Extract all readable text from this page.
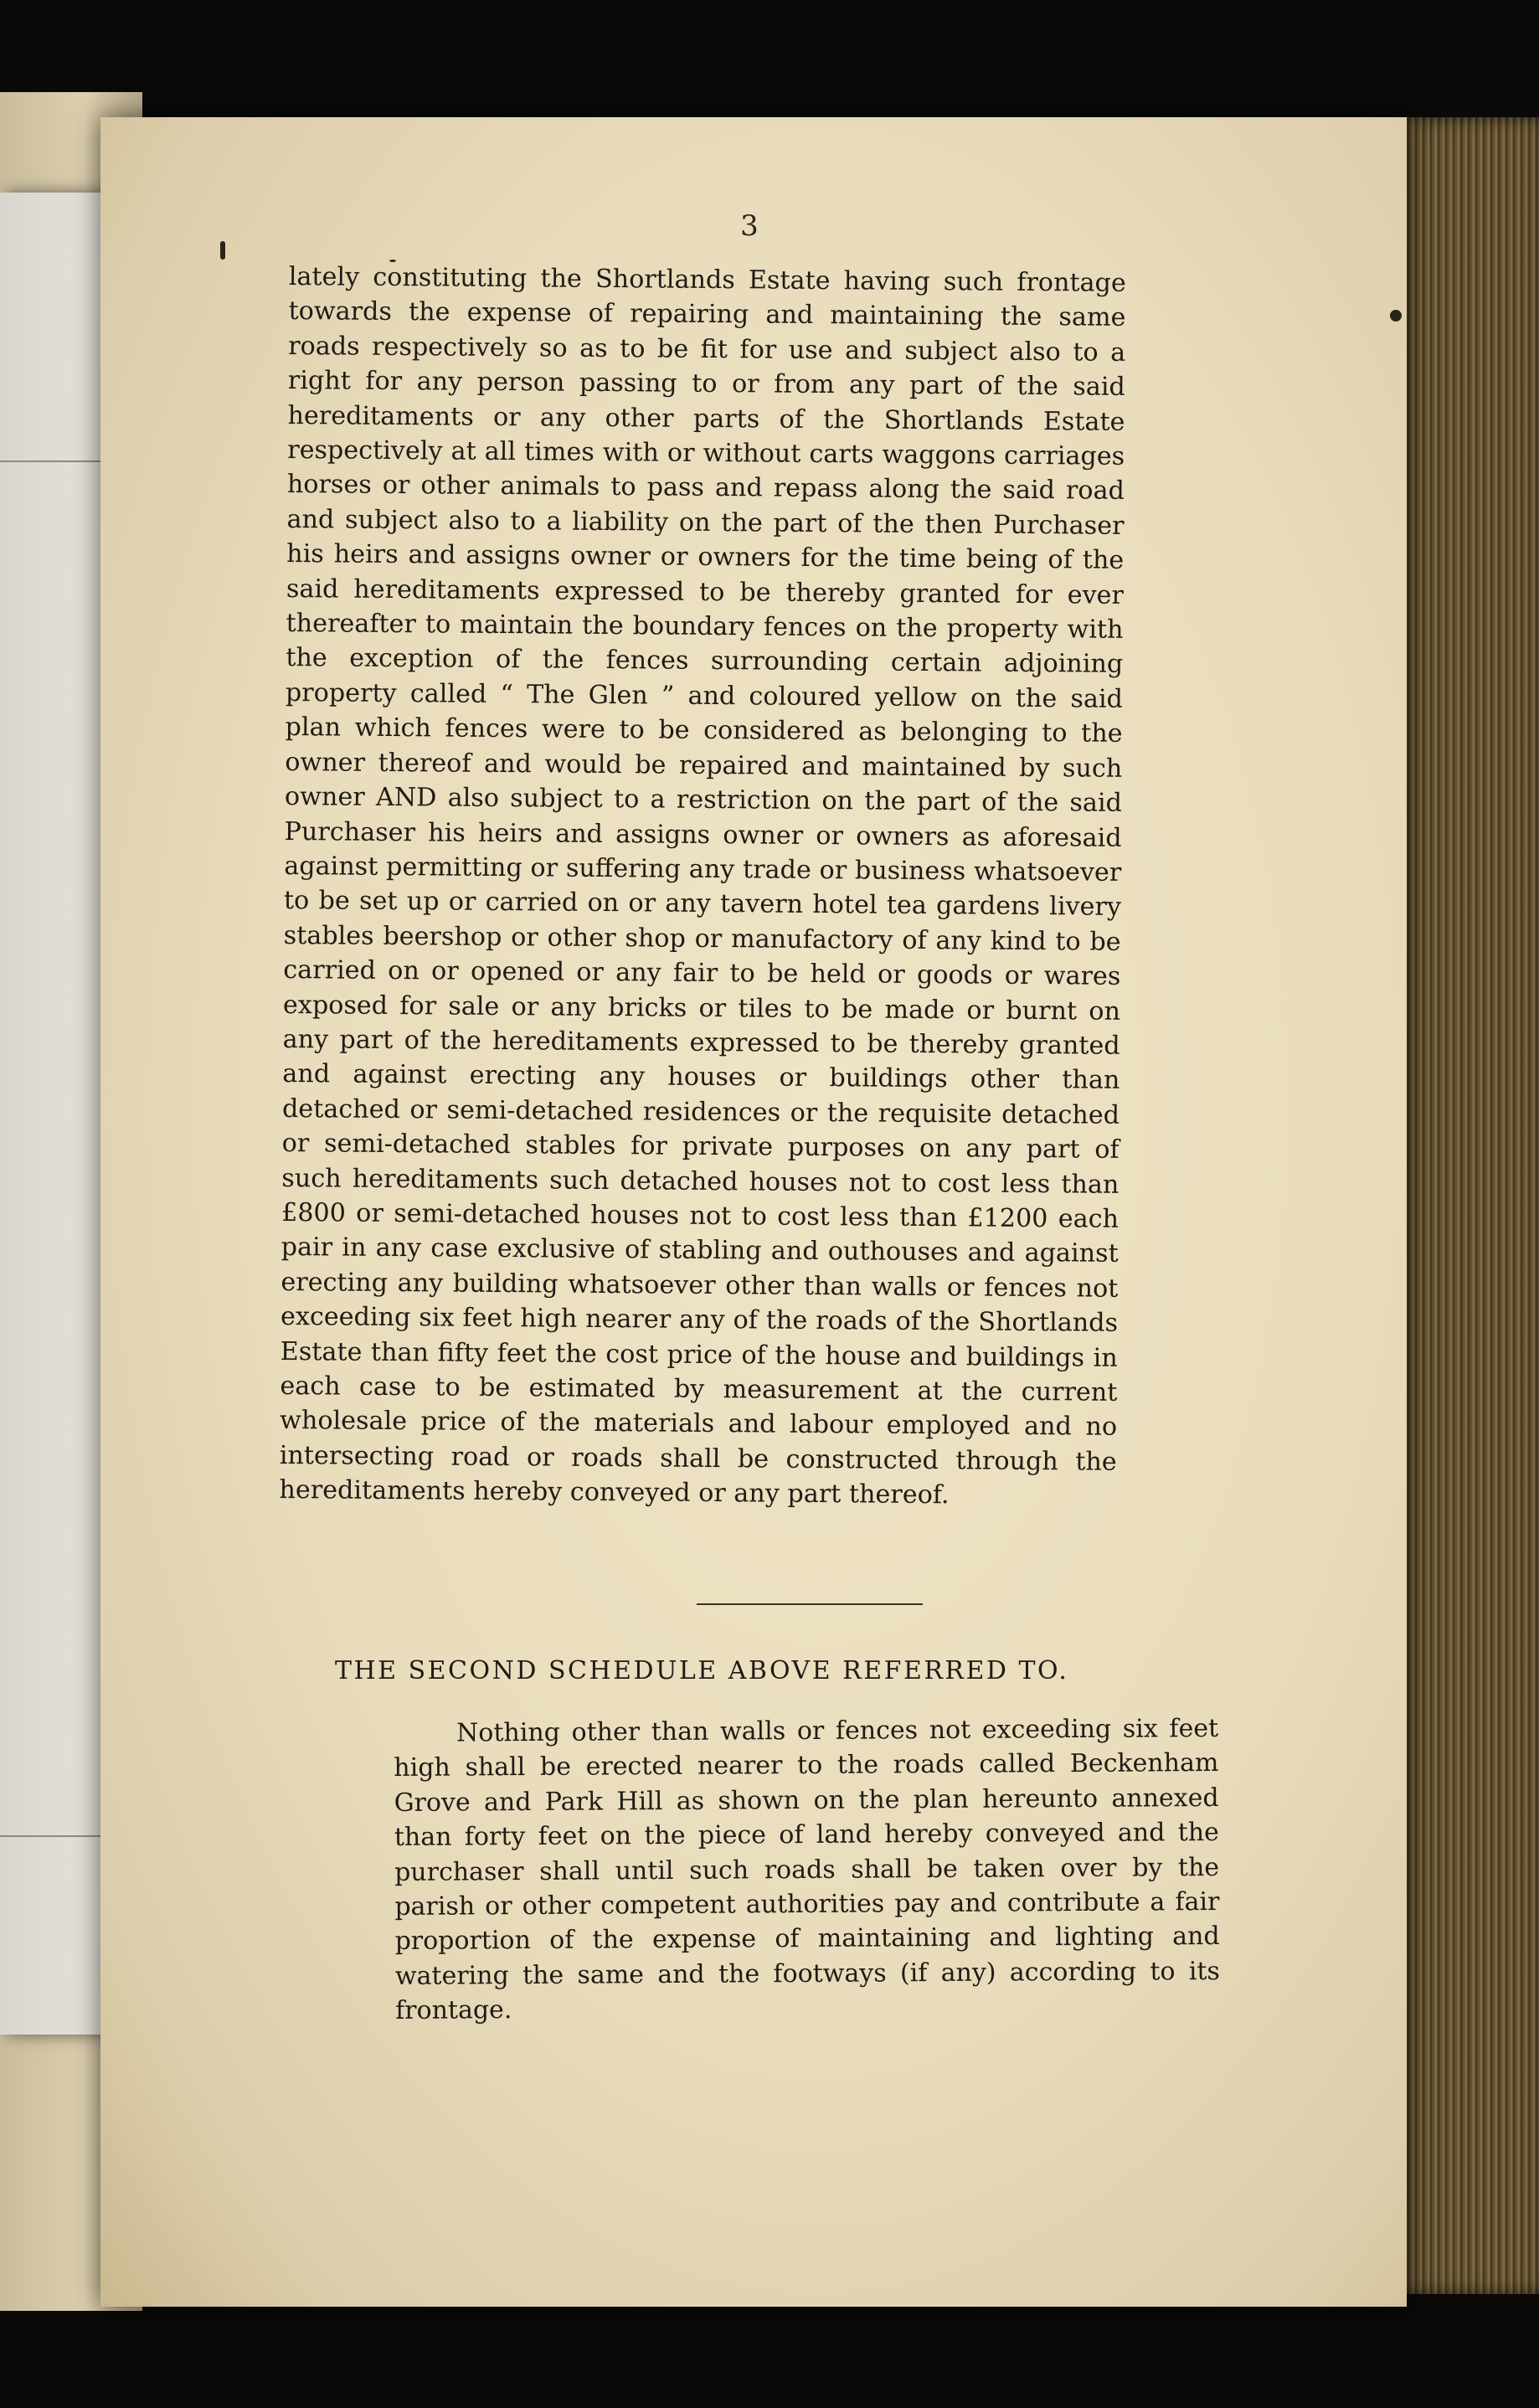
3

lately constituting the Shortlands Estate having such frontage towards the expense of repairing and maintaining the same roads respectively so as to be fit for use and subject also to a right for any person passing to or from any part of the said hereditaments or any other parts of the Shortlands Estate respectively at all times with or without carts waggons carriages horses or other animals to pass and repass along the said road and subject also to a liability on the part of the then Purchaser his heirs and assigns owner or owners for the time being of the said hereditaments expressed to be thereby granted for ever thereafter to maintain the boundary fences on the property with the exception of the fences surrounding certain adjoining property called “ The Glen ” and coloured yellow on the said plan which fences were to be considered as belonging to the owner thereof and would be repaired and maintained by such owner AND also subject to a restriction on the part of the said Purchaser his heirs and assigns owner or owners as aforesaid against permitting or suffering any trade or business whatsoever to be set up or carried on or any tavern hotel tea gardens livery stables beershop or other shop or manufactory of any kind to be carried on or opened or any fair to be held or goods or wares exposed for sale or any bricks or tiles to be made or burnt on any part of the hereditaments expressed to be thereby granted and against erecting any houses or buildings other than detached or semi-detached residences or the requisite detached or semi-detached stables for private purposes on any part of such hereditaments such detached houses not to cost less than £800 or semi-detached houses not to cost less than £1200 each pair in any case exclusive of stabling and outhouses and against erecting any building whatsoever other than walls or fences not exceeding six feet high nearer any of the roads of the Shortlands Estate than fifty feet the cost price of the house and buildings in each case to be estimated by measurement at the current wholesale price of the materials and labour employed and no intersecting road or roads shall be constructed through the hereditaments hereby conveyed or any part thereof.

THE SECOND SCHEDULE ABOVE REFERRED TO.

Nothing other than walls or fences not exceeding six feet high shall be erected nearer to the roads called Beckenham Grove and Park Hill as shown on the plan hereunto annexed than forty feet on the piece of land hereby conveyed and the purchaser shall until such roads shall be taken over by the parish or other competent authorities pay and contribute a fair proportion of the expense of maintaining and lighting and watering the same and the footways (if any) according to its frontage.
